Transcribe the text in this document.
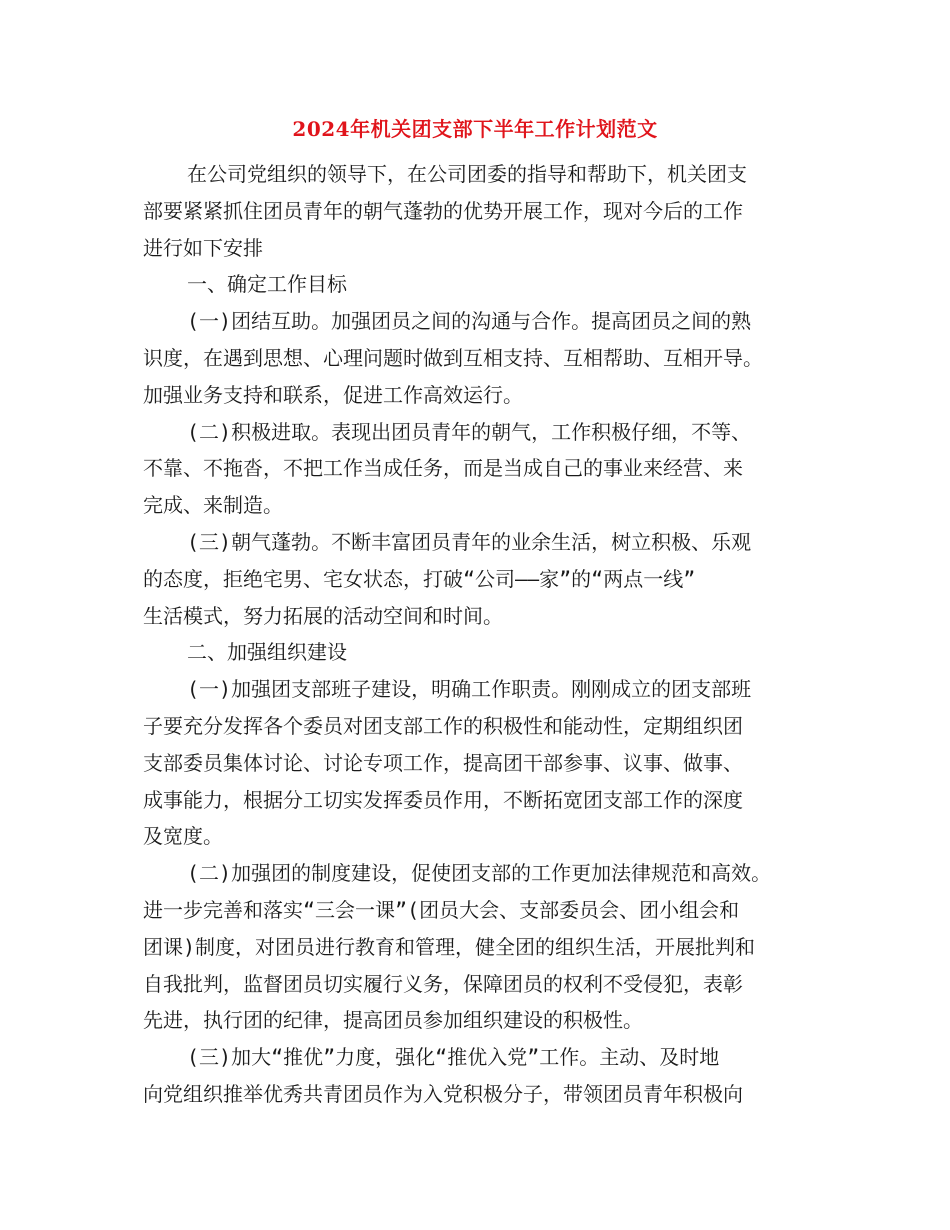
2024年机关团支部下半年工作计划范文

在公司党组织的领导下，在公司团委的指导和帮助下，机关团支
部要紧紧抓住团员青年的朝气蓬勃的优势开展工作，现对今后的工作
进行如下安排

一、确定工作目标

(一)团结互助。加强团员之间的沟通与合作。提高团员之间的熟
识度，在遇到思想、心理问题时做到互相支持、互相帮助、互相开导。
加强业务支持和联系，促进工作高效运行。

(二)积极进取。表现出团员青年的朝气，工作积极仔细，不等、
不靠、不拖沓，不把工作当成任务，而是当成自己的事业来经营、来
完成、来制造。

(三)朝气蓬勃。不断丰富团员青年的业余生活，树立积极、乐观
的态度，拒绝宅男、宅女状态，打破“公司——家”的“两点一线”
生活模式，努力拓展的活动空间和时间。

二、加强组织建设

(一)加强团支部班子建设，明确工作职责。刚刚成立的团支部班
子要充分发挥各个委员对团支部工作的积极性和能动性，定期组织团
支部委员集体讨论、讨论专项工作，提高团干部参事、议事、做事、
成事能力，根据分工切实发挥委员作用，不断拓宽团支部工作的深度
及宽度。

(二)加强团的制度建设，促使团支部的工作更加法律规范和高效。
进一步完善和落实“三会一课”(团员大会、支部委员会、团小组会和
团课)制度，对团员进行教育和管理，健全团的组织生活，开展批判和
自我批判，监督团员切实履行义务，保障团员的权利不受侵犯，表彰
先进，执行团的纪律，提高团员参加组织建设的积极性。

(三)加大“推优”力度，强化“推优入党”工作。主动、及时地
向党组织推举优秀共青团员作为入党积极分子，带领团员青年积极向
